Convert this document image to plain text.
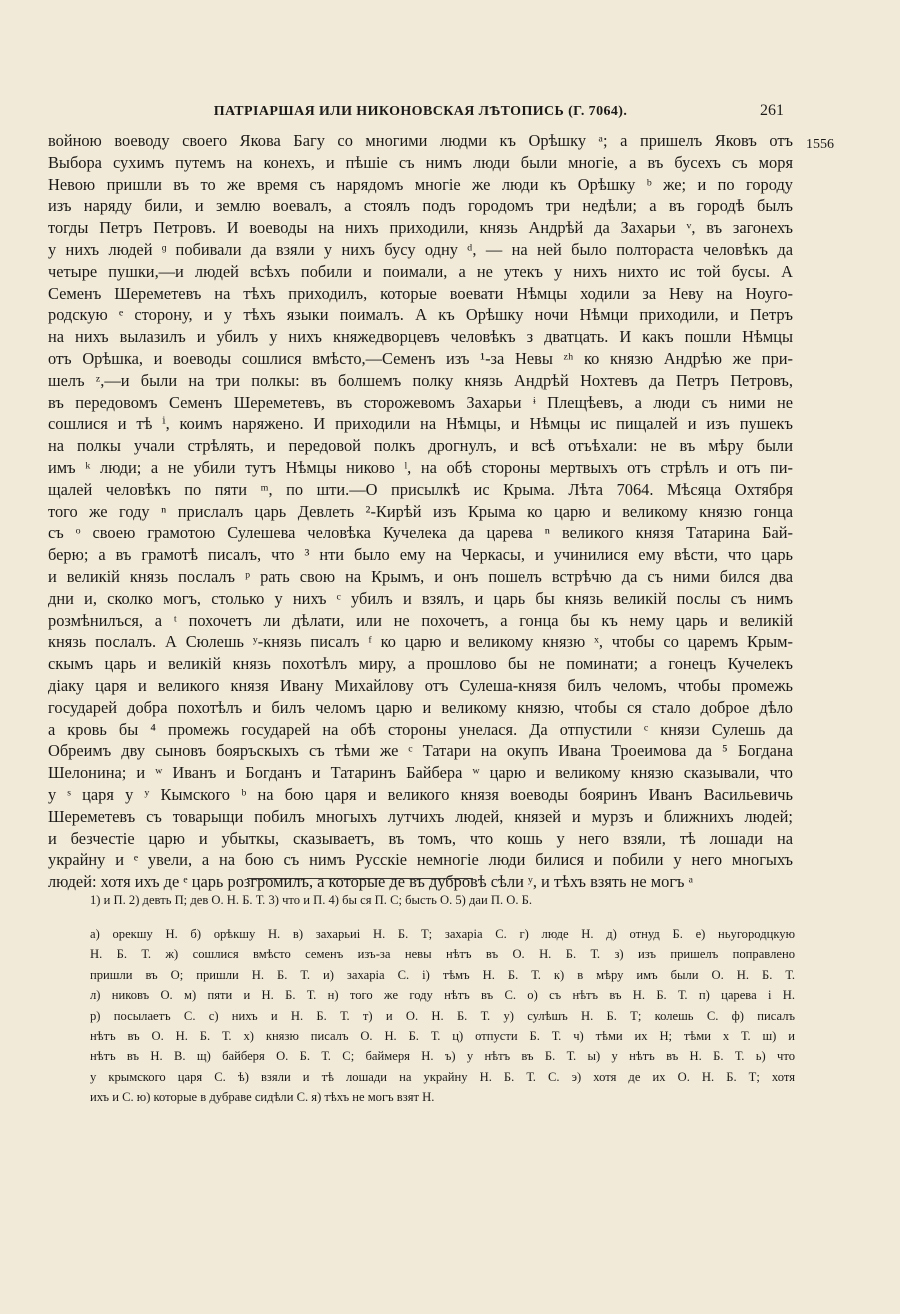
ПАТРІАРШАЯ ИЛИ НИКОНОВСКАЯ ЛѢТОПИСЬ (Г. 7064).	261
1556
войною воеводу своего Якова Багу со многими людми къ Орѣшку ᵃ; а пришелъ Яковъ отъ
Выбора сухимъ путемъ на конехъ, и пѣшіе съ нимъ люди были многіе, а въ бусехъ съ моря
Невою пришли въ то же время съ нарядомъ многіе же люди къ Орѣшку ᵇ же; и по городу
изъ наряду били, и землю воевалъ, а стоялъ подъ городомъ три недѣли; а въ городѣ былъ
тогды Петръ Петровъ. И воеводы на нихъ приходили, князь Андрѣй да Захарьи ᵛ, въ загонехъ
у нихъ людей ᶢ побивали да взяли у нихъ бусу одну ᵈ, — на ней было полтораста человѣкъ да
четыре пушки,—и людей всѣхъ побили и поимали, а не утекъ у нихъ нихто ис той бусы. А
Семенъ Шереметевъ на тѣхъ приходилъ, которые воевати Нѣмцы ходили за Неву на Ноуго-
родскую ᵉ сторону, и у тѣхъ языки поималъ. А къ Орѣшку ночи Нѣмци приходили, и Петръ
на нихъ вылазилъ и убилъ у нихъ княжедворцевъ человѣкъ з дватцать. И какъ пошли Нѣмцы
отъ Орѣшка, и воеводы сошлися вмѣсто,—Семенъ изъ ¹-за Невы ᶻʰ ко князю Андрѣю же при-
шелъ ᶻ,—и были на три полкы: въ болшемъ полку князь Андрѣй Нохтевъ да Петръ Петровъ,
въ передовомъ Семенъ Шереметевъ, въ сторожевомъ Захарьи ᶤ Плещѣевъ, а люди съ ними не
сошлися и тѣ ⁱ, коимъ наряжено. И приходили на Нѣмцы, и Нѣмцы ис пищалей и изъ пушекъ
на полкы учали стрѣлять, и передовой полкъ дрогнулъ, и всѣ отъѣхали: не въ мѣру были
имъ ᵏ люди; а не убили тутъ Нѣмцы никово ˡ, на обѣ стороны мертвыхъ отъ стрѣлъ и отъ пи-
щалей человѣкъ по пяти ᵐ, по шти.—О присылкѣ ис Крыма. Лѣта 7064. Мѣсяца Охтября
того же году ⁿ прислалъ царь Девлеть ²-Кирѣй изъ Крыма ко царю и великому князю гонца
съ ᵒ своею грамотою Сулешева человѣка Кучелека да царева ⁿ великого князя Татарина Бай-
берю; а въ грамотѣ писалъ, что ³ нти было ему на Черкасы, и учинилися ему вѣсти, что царь
и великій князь послалъ ᵖ рать свою на Крымъ, и онъ пошелъ встрѣчю да съ ними бился два
дни и, сколко могъ, столько у нихъ ᶜ убилъ и взялъ, и царь бы князь великій послы съ нимъ
розмѣнилъся, а ᵗ похочетъ ли дѣлати, или не похочетъ, а гонца бы къ нему царь и великій
князь послалъ. А Сюлешь ʸ-князь писалъ ᶠ ко царю и великому князю ˣ, чтобы со царемъ Крым-
скымъ царь и великій князь похотѣлъ миру, а прошлово бы не поминати; а гонецъ Кучелекъ
діаку царя и великого князя Ивану Михайлову отъ Сулеша-князя билъ челомъ, чтобы промежь
государей добра похотѣлъ и билъ челомъ царю и великому князю, чтобы ся стало доброе дѣло
а кровь бы ⁴ промежь государей на обѣ стороны унелася. Да отпустили ᶜ князи Сулешь да
Обреимъ дву сыновъ бояръскыхъ съ тѣми же ᶜ Татари на окупъ Ивана Троеимова да ⁵ Богдана
Шелонина; и ʷ Иванъ и Богданъ и Татаринъ Байбера ʷ царю и великому князю сказывали, что
у ˢ царя у ʸ Кымского ᵇ на бою царя и великого князя воеводы бояринъ Иванъ Васильевичь
Шереметевъ съ товарыщи побилъ многыхъ лутчихъ людей, князей и мурзъ и ближнихъ людей;
и безчестіе царю и убыткы, сказываетъ, въ томъ, что кошь у него взяли, тѣ лошади на
украйну и ᵉ увели, а на бою съ нимъ Русскіе немногіе люди билися и побили у него многыхъ
людей: хотя ихъ де ᵉ царь розгромилъ, а которые де въ дубровѣ сѣли ʸ, и тѣхъ взять не могъ ᵃ
1) и П. 2) девть П; дев О. Н. Б. Т. 3) что и П. 4) бы ся П. С; бысть О. 5) даи П. О. Б.
а) орекшу Н. б) орѣкшу Н. в) захарьиі Н. Б. Т; захаріа С. г) люде Н. д) отнуд Б. е) ньугородцкую
Н. Б. Т. ж) сошлися вмѣсто семенъ изъ-за невы нѣтъ въ О. Н. Б. Т. з) изъ пришелъ поправлено
пришли въ О; пришли Н. Б. Т. и) захаріа С. і) тѣмъ Н. Б. Т. к) в мѣру имъ были О. Н. Б. Т.
л) никовъ О. м) пяти и Н. Б. Т. н) того же году нѣтъ въ С. о) съ нѣтъ въ Н. Б. Т. п) царева і Н.
р) посылаетъ С. с) нихъ и Н. Б. Т. т) и О. Н. Б. Т. у) сулѣшъ Н. Б. Т; колешь С. ф) писалъ
нѣтъ въ О. Н. Б. Т. х) князю писалъ О. Н. Б. Т. ц) отпусти Б. Т. ч) тѣми их Н; тѣми х Т. ш) и
нѣтъ въ Н. В. щ) байберя О. Б. Т. С; баймеря Н. ъ) у нѣтъ въ Б. Т. ы) у нѣтъ въ Н. Б. Т. ь) что
у крымского царя С. ѣ) взяли и тѣ лошади на украйну Н. Б. Т. С. э) хотя де их О. Н. Б. Т; хотя
ихъ и С. ю) которые в дубраве сидѣли С. я) тѣхъ не могъ взят Н.
